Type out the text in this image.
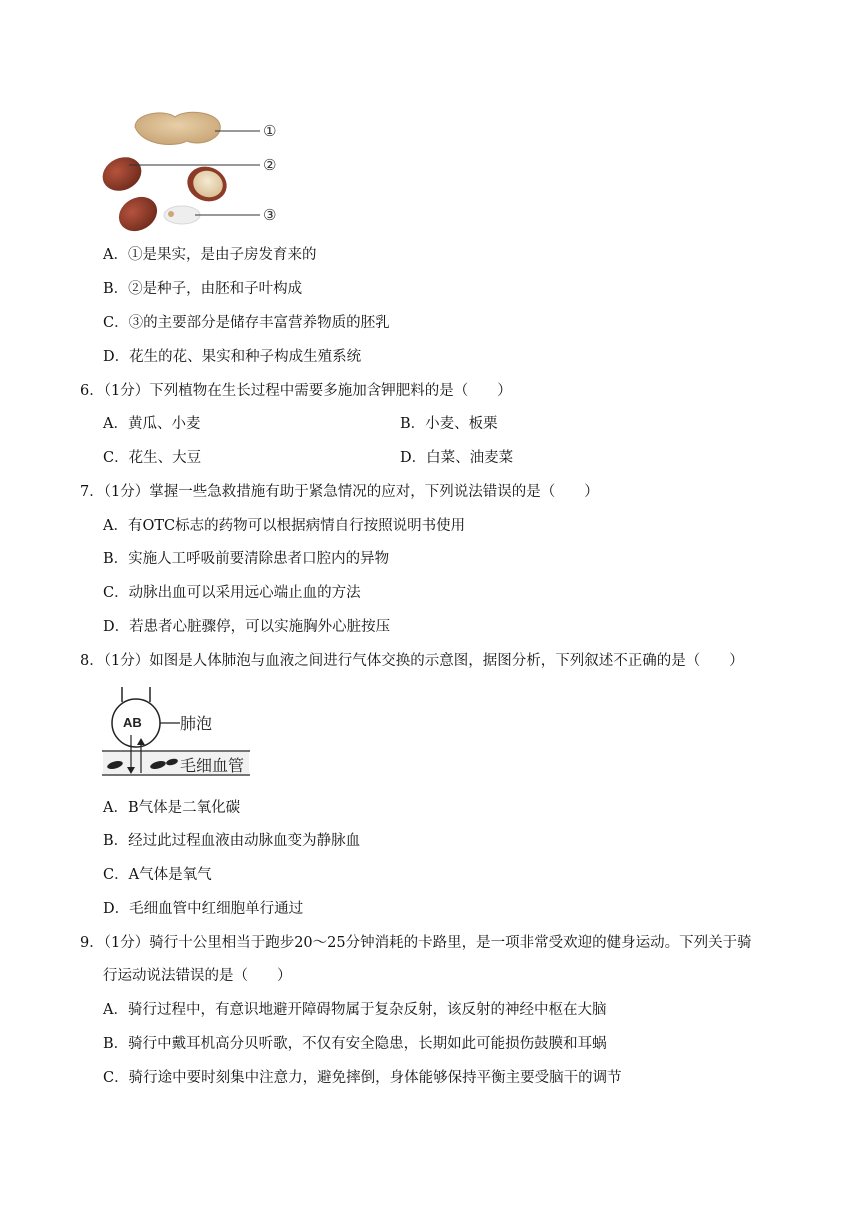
①
②
③
A．①是果实，是由子房发育来的
B．②是种子，由胚和子叶构成
C．③的主要部分是储存丰富营养物质的胚乳
D．花生的花、果实和种子构成生殖系统
6．（1分）下列植物在生长过程中需要多施加含钾肥料的是（　　）
A．黄瓜、小麦	B．小麦、板栗
C．花生、大豆	D．白菜、油麦菜
7．（1分）掌握一些急救措施有助于紧急情况的应对，下列说法错误的是（　　）
A．有OTC标志的药物可以根据病情自行按照说明书使用
B．实施人工呼吸前要清除患者口腔内的异物
C．动脉出血可以采用远心端止血的方法
D．若患者心脏骤停，可以实施胸外心脏按压
8．（1分）如图是人体肺泡与血液之间进行气体交换的示意图，据图分析，下列叙述不正确的是（　　）
AB 肺泡
毛细血管
A．B气体是二氧化碳
B．经过此过程血液由动脉血变为静脉血
C．A气体是氧气
D．毛细血管中红细胞单行通过
9．（1分）骑行十公里相当于跑步20～25分钟消耗的卡路里，是一项非常受欢迎的健身运动。下列关于骑
行运动说法错误的是（　　）
A．骑行过程中，有意识地避开障碍物属于复杂反射，该反射的神经中枢在大脑
B．骑行中戴耳机高分贝听歌，不仅有安全隐患，长期如此可能损伤鼓膜和耳蜗
C．骑行途中要时刻集中注意力，避免摔倒，身体能够保持平衡主要受脑干的调节
